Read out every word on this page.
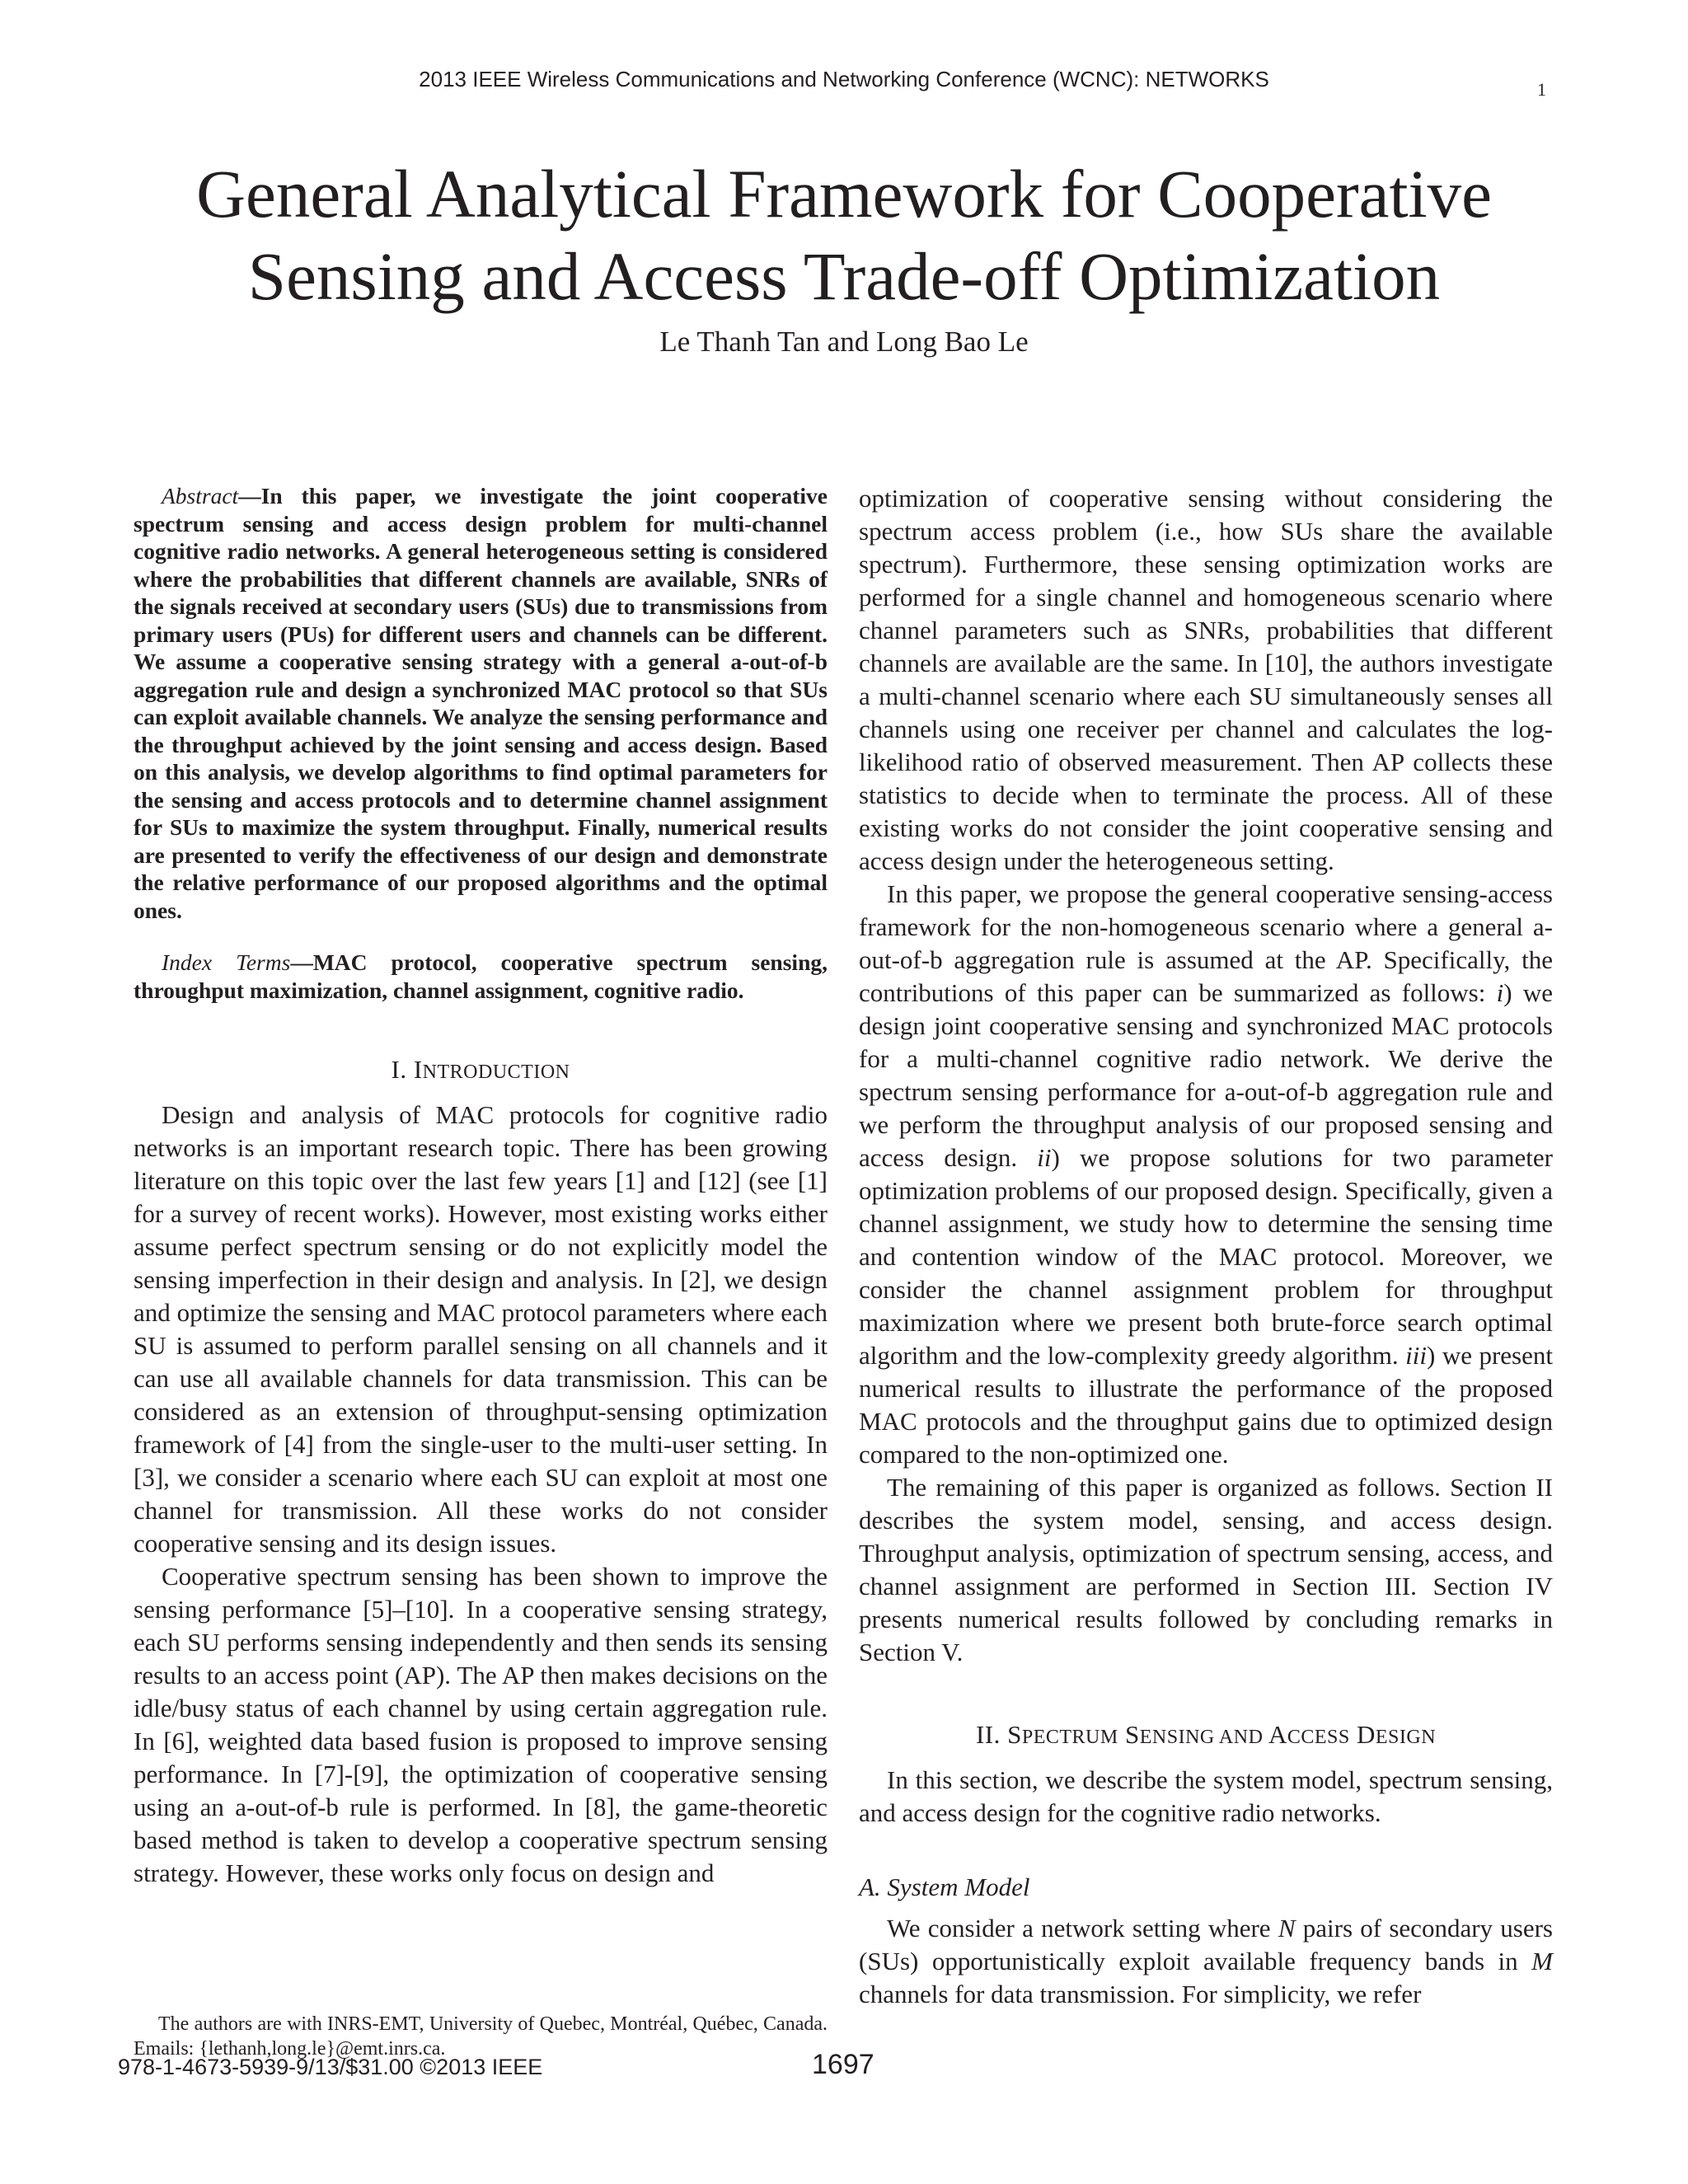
2013 IEEE Wireless Communications and Networking Conference (WCNC): NETWORKS	1
General Analytical Framework for Cooperative Sensing and Access Trade-off Optimization
Le Thanh Tan and Long Bao Le

Abstract—In this paper, we investigate the joint cooperative spectrum sensing and access design problem for multi-channel cognitive radio networks. A general heterogeneous setting is considered where the probabilities that different channels are available, SNRs of the signals received at secondary users (SUs) due to transmissions from primary users (PUs) for different users and channels can be different. We assume a cooperative sensing strategy with a general a-out-of-b aggregation rule and design a synchronized MAC protocol so that SUs can exploit available channels. We analyze the sensing performance and the throughput achieved by the joint sensing and access design. Based on this analysis, we develop algorithms to find optimal parameters for the sensing and access protocols and to determine channel assignment for SUs to maximize the system throughput. Finally, numerical results are presented to verify the effectiveness of our design and demonstrate the relative performance of our proposed algorithms and the optimal ones.

Index Terms—MAC protocol, cooperative spectrum sensing, throughput maximization, channel assignment, cognitive radio.

I. INTRODUCTION

Design and analysis of MAC protocols for cognitive radio networks is an important research topic. There has been growing literature on this topic over the last few years [1] and [12] (see [1] for a survey of recent works). However, most existing works either assume perfect spectrum sensing or do not explicitly model the sensing imperfection in their design and analysis. In [2], we design and optimize the sensing and MAC protocol parameters where each SU is assumed to perform parallel sensing on all channels and it can use all available channels for data transmission. This can be considered as an extension of throughput-sensing optimization framework of [4] from the single-user to the multi-user setting. In [3], we consider a scenario where each SU can exploit at most one channel for transmission. All these works do not consider cooperative sensing and its design issues.

Cooperative spectrum sensing has been shown to improve the sensing performance [5]–[10]. In a cooperative sensing strategy, each SU performs sensing independently and then sends its sensing results to an access point (AP). The AP then makes decisions on the idle/busy status of each channel by using certain aggregation rule. In [6], weighted data based fusion is proposed to improve sensing performance. In [7]-[9], the optimization of cooperative sensing using an a-out-of-b rule is performed. In [8], the game-theoretic based method is taken to develop a cooperative spectrum sensing strategy. However, these works only focus on design and

optimization of cooperative sensing without considering the spectrum access problem (i.e., how SUs share the available spectrum). Furthermore, these sensing optimization works are performed for a single channel and homogeneous scenario where channel parameters such as SNRs, probabilities that different channels are available are the same. In [10], the authors investigate a multi-channel scenario where each SU simultaneously senses all channels using one receiver per channel and calculates the log-likelihood ratio of observed measurement. Then AP collects these statistics to decide when to terminate the process. All of these existing works do not consider the joint cooperative sensing and access design under the heterogeneous setting.

In this paper, we propose the general cooperative sensing-access framework for the non-homogeneous scenario where a general a-out-of-b aggregation rule is assumed at the AP. Specifically, the contributions of this paper can be summarized as follows: i) we design joint cooperative sensing and synchronized MAC protocols for a multi-channel cognitive radio network. We derive the spectrum sensing performance for a-out-of-b aggregation rule and we perform the throughput analysis of our proposed sensing and access design. ii) we propose solutions for two parameter optimization problems of our proposed design. Specifically, given a channel assignment, we study how to determine the sensing time and contention window of the MAC protocol. Moreover, we consider the channel assignment problem for throughput maximization where we present both brute-force search optimal algorithm and the low-complexity greedy algorithm. iii) we present numerical results to illustrate the performance of the proposed MAC protocols and the throughput gains due to optimized design compared to the non-optimized one.

The remaining of this paper is organized as follows. Section II describes the system model, sensing, and access design. Throughput analysis, optimization of spectrum sensing, access, and channel assignment are performed in Section III. Section IV presents numerical results followed by concluding remarks in Section V.

II. SPECTRUM SENSING AND ACCESS DESIGN

In this section, we describe the system model, spectrum sensing, and access design for the cognitive radio networks.

A. System Model

We consider a network setting where N pairs of secondary users (SUs) opportunistically exploit available frequency bands in M channels for data transmission. For simplicity, we refer

The authors are with INRS-EMT, University of Quebec, Montréal, Québec, Canada. Emails: {lethanh,long.le}@emt.inrs.ca.
978-1-4673-5939-9/13/$31.00 ©2013 IEEE	1697
